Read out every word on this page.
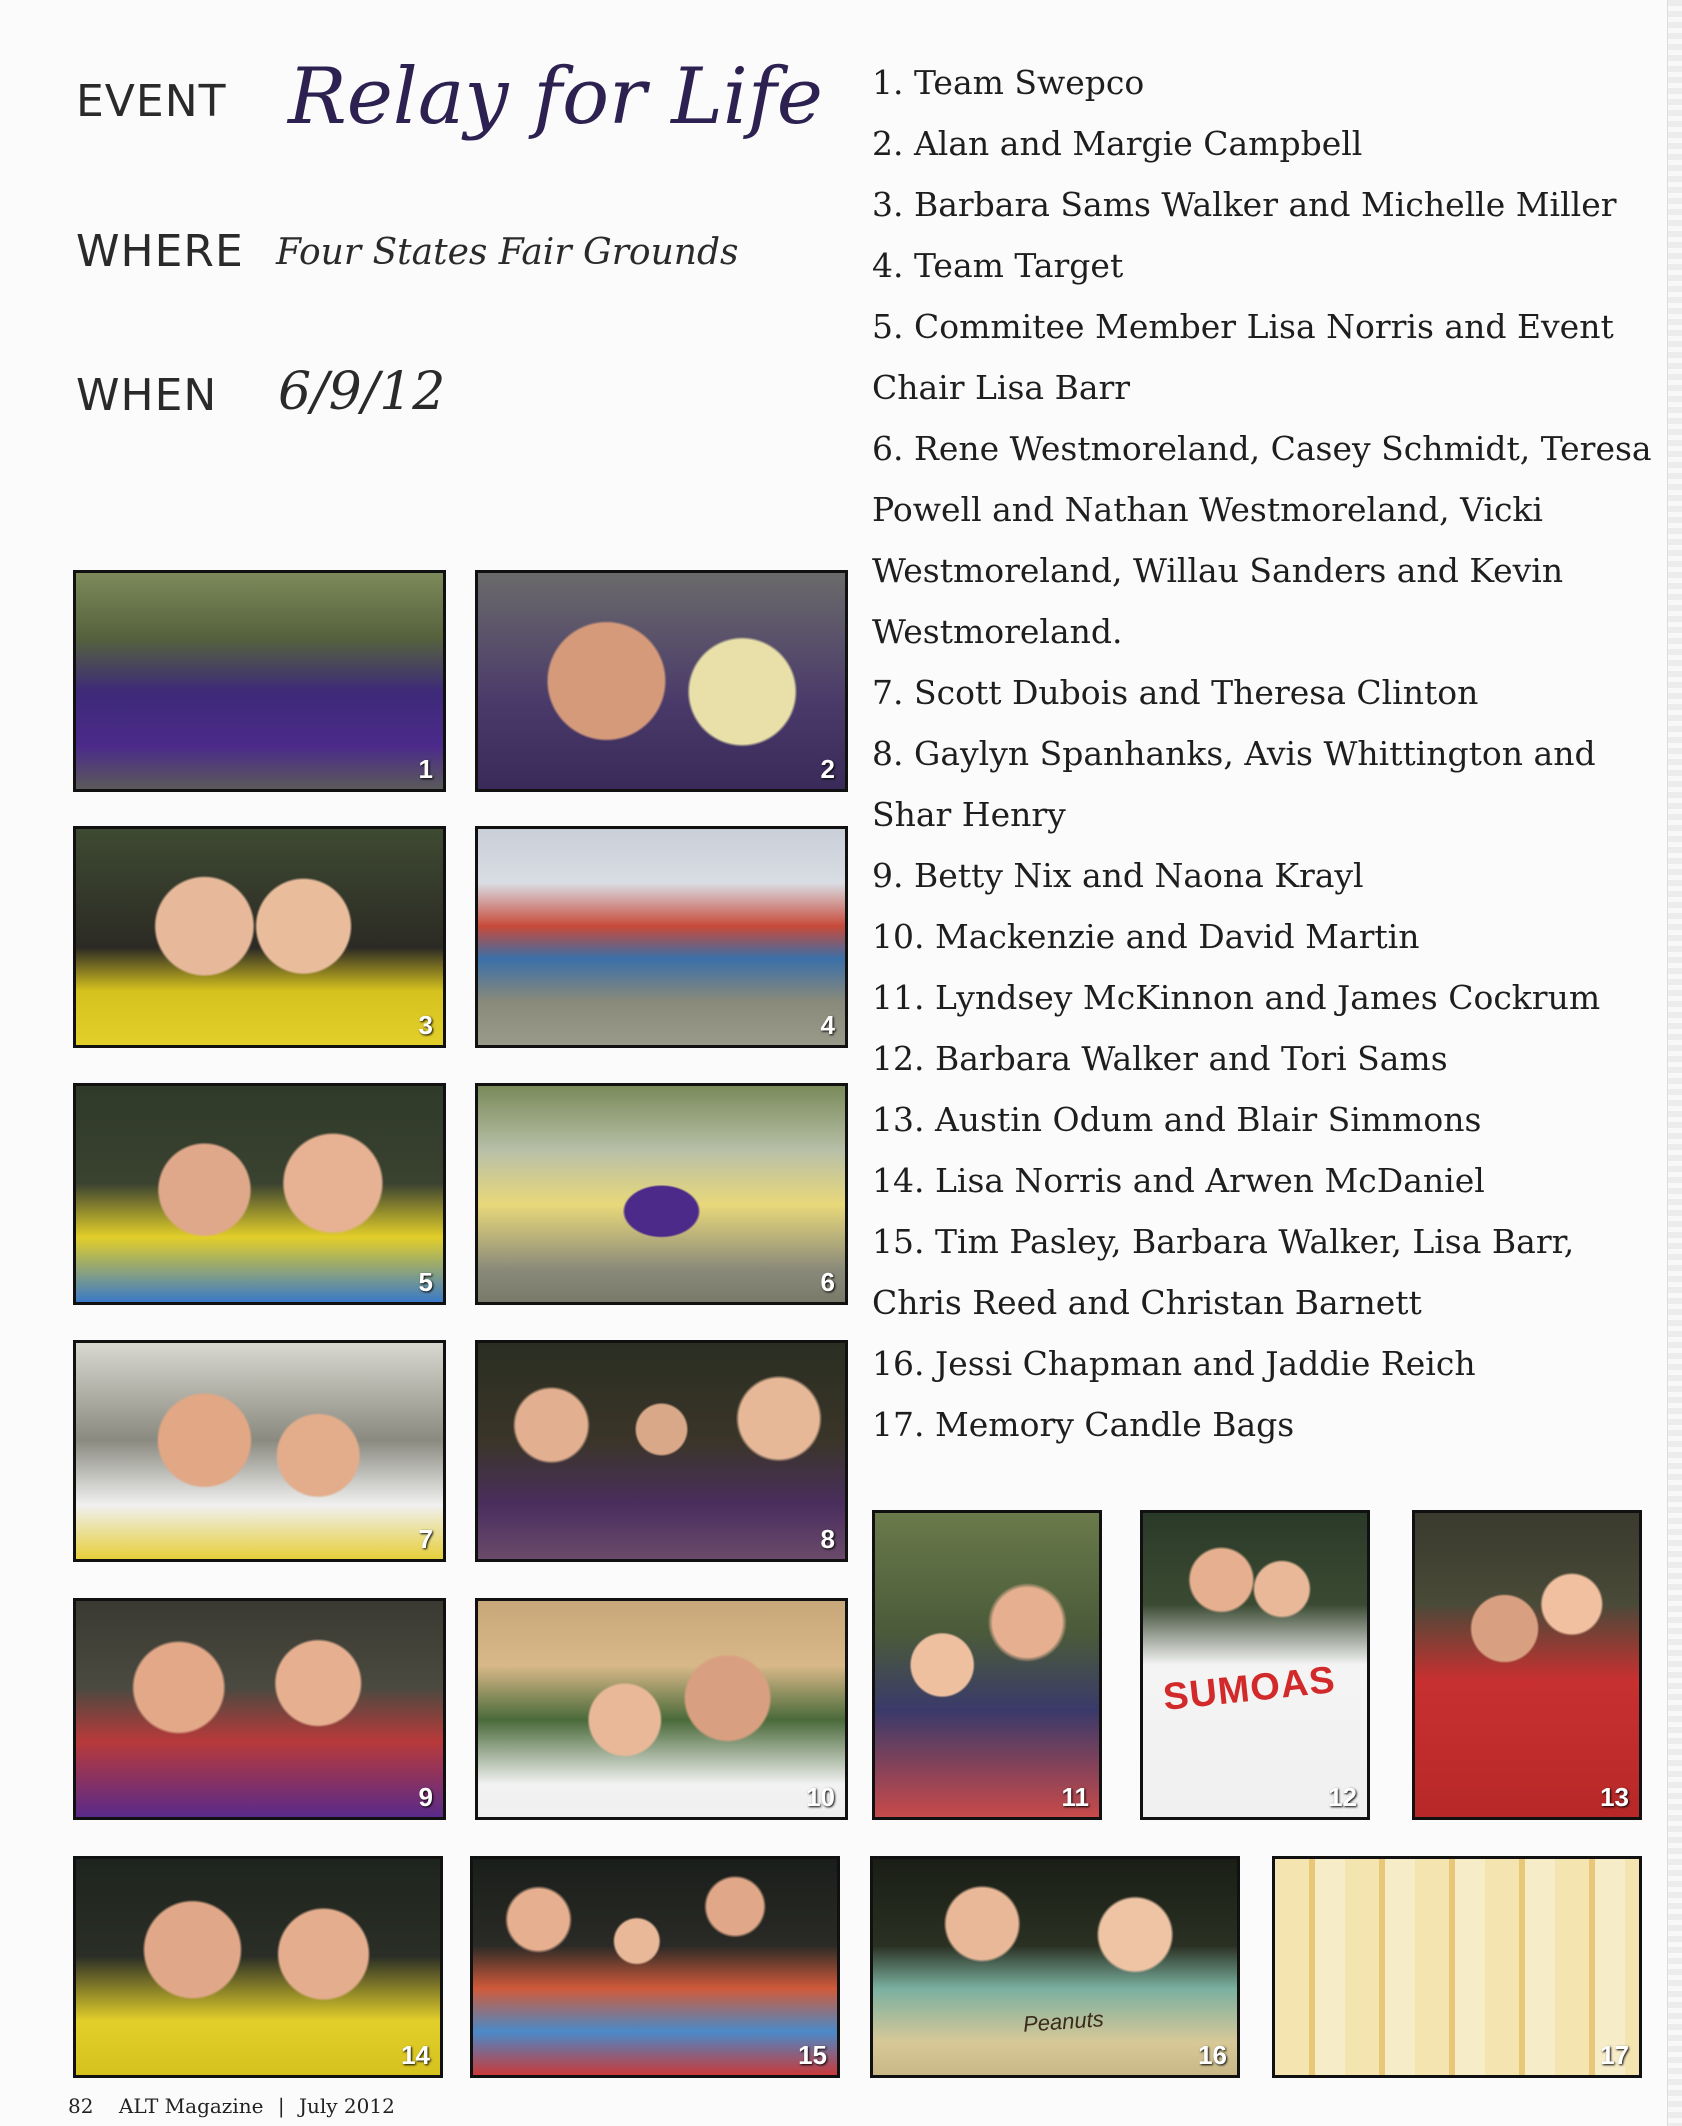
EVENT Relay for Life
WHERE Four States Fair Grounds
WHEN 6/9/12

1. Team Swepco

2. Alan and Margie Campbell

3. Barbara Sams Walker and Michelle Miller

4. Team Target

5. Commitee Member Lisa Norris and Event Chair Lisa Barr

6. Rene Westmoreland, Casey Schmidt, Teresa Powell and Nathan Westmoreland, Vicki Westmoreland, Willau Sanders and Kevin Westmoreland.

7. Scott Dubois and Theresa Clinton

8. Gaylyn Spanhanks, Avis Whittington and Shar Henry

9. Betty Nix and Naona Krayl

10. Mackenzie and David Martin

11. Lyndsey McKinnon and James Cockrum

12. Barbara Walker and Tori Sams

13. Austin Odum and Blair Simmons

14. Lisa Norris and Arwen McDaniel

15. Tim Pasley, Barbara Walker, Lisa Barr, Chris Reed and Christan Barnett

16. Jessi Chapman and Jaddie Reich

17. Memory Candle Bags

1	2
3	4
5	6
7	8
9	10	11
SUMOAS
12	13
14	15
Peanuts
16	17
82 ALT Magazine | July 2012
